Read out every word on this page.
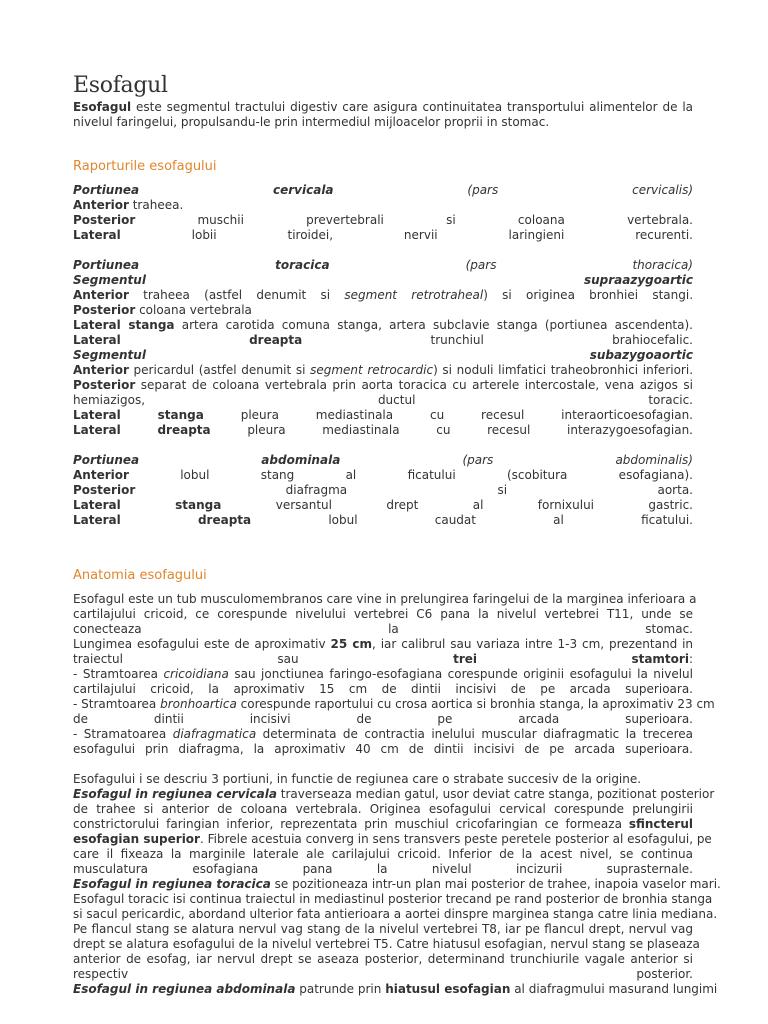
Esofagul
Esofagul este segmentul tractului digestiv care asigura continuitatea transportului alimentelor de la
nivelul faringelui, propulsandu-le prin intermediul mijloacelor proprii in stomac.
Raporturile esofagului
Portiunea	cervicala	(pars	cervicalis)
Anterior traheea.
Posterior muschii prevertebrali si coloana vertebrala.
Lateral lobii tiroidei, nervii laringieni recurenti.
Portiunea	toracica	(pars	thoracica)
Segmentul	supraazygoartic
Anterior traheea (astfel denumit si segment retrotraheal) si originea bronhiei stangi.
Posterior coloana vertebrala
Lateral stanga artera carotida comuna stanga, artera subclavie stanga (portiunea ascendenta).
Lateral	dreapta trunchiul brahiocefalic.
Segmentul	subazygoaortic
Anterior pericardul (astfel denumit si segment retrocardic) si noduli limfatici traheobronhici inferiori.
Posterior separat de coloana vertebrala prin aorta toracica cu arterele intercostale, vena azigos si
hemiazigos, ductul toracic.
Lateral	stanga pleura mediastinala cu recesul interaorticoesofagian.
Lateral	dreapta pleura mediastinala cu recesul interazygoesofagian.
Portiunea	abdominala	(pars	abdominalis)
Anterior lobul stang al ficatului (scobitura esofagiana).
Posterior diafragma si aorta.
Lateral	stanga versantul drept al fornixului gastric.
Lateral	dreapta lobul caudat al ficatului.
Anatomia esofagului
Esofagul este un tub musculomembranos care vine in prelungirea faringelui de la marginea inferioara a
cartilajului cricoid, ce corespunde nivelului vertebrei C6 pana la nivelul vertebrei T11, unde se
conecteaza la stomac.
Lungimea esofagului este de aproximativ 25 cm, iar calibrul sau variaza intre 1-3 cm, prezentand in
traiectul sau trei	stamtori:
- Stramtoarea cricoidiana sau jonctiunea faringo-esofagiana corespunde originii esofagului la nivelul
cartilajului cricoid, la aproximativ 15 cm de dintii incisivi de pe arcada superioara.
- Stramtoarea bronhoartica corespunde raportului cu crosa aortica si bronhia stanga, la aproximativ 23 cm
de dintii incisivi de pe arcada superioara.
- Stramatoarea diafragmatica determinata de contractia inelului muscular diafragmatic la trecerea
esofagului prin diafragma, la aproximativ 40 cm de dintii incisivi de pe arcada superioara.
Esofagului i se descriu 3 portiuni, in functie de regiunea care o strabate succesiv de la origine.
Esofagul in regiunea cervicala traverseaza median gatul, usor deviat catre stanga, pozitionat posterior
de trahee si anterior de coloana vertebrala. Originea esofagului cervical corespunde prelungirii
constrictorului faringian inferior, reprezentata prin muschiul cricofaringian ce formeaza sfincterul
esofagian superior. Fibrele acestuia converg in sens transvers peste peretele posterior al esofagului, pe
care il fixeaza la marginile laterale ale carilajului cricoid. Inferior de la acest nivel, se continua
musculatura esofagiana pana la nivelul incizurii suprasternale.
Esofagul in regiunea toracica se pozitioneaza intr-un plan mai posterior de trahee, inapoia vaselor mari.
Esofagul toracic isi continua traiectul in mediastinul posterior trecand pe rand posterior de bronhia stanga
si sacul pericardic, abordand ulterior fata antierioara a aortei dinspre marginea stanga catre linia mediana.
Pe flancul stang se alatura nervul vag stang de la nivelul vertebrei T8, iar pe flancul drept, nervul vag
drept se alatura esofagului de la nivelul vertebrei T5. Catre hiatusul esofagian, nervul stang se plaseaza
anterior de esofag, iar nervul drept se aseaza posterior, determinand trunchiurile vagale anterior si
respectiv posterior.
Esofagul in regiunea abdominala patrunde prin hiatusul esofagian al diafragmului masurand lungimi
